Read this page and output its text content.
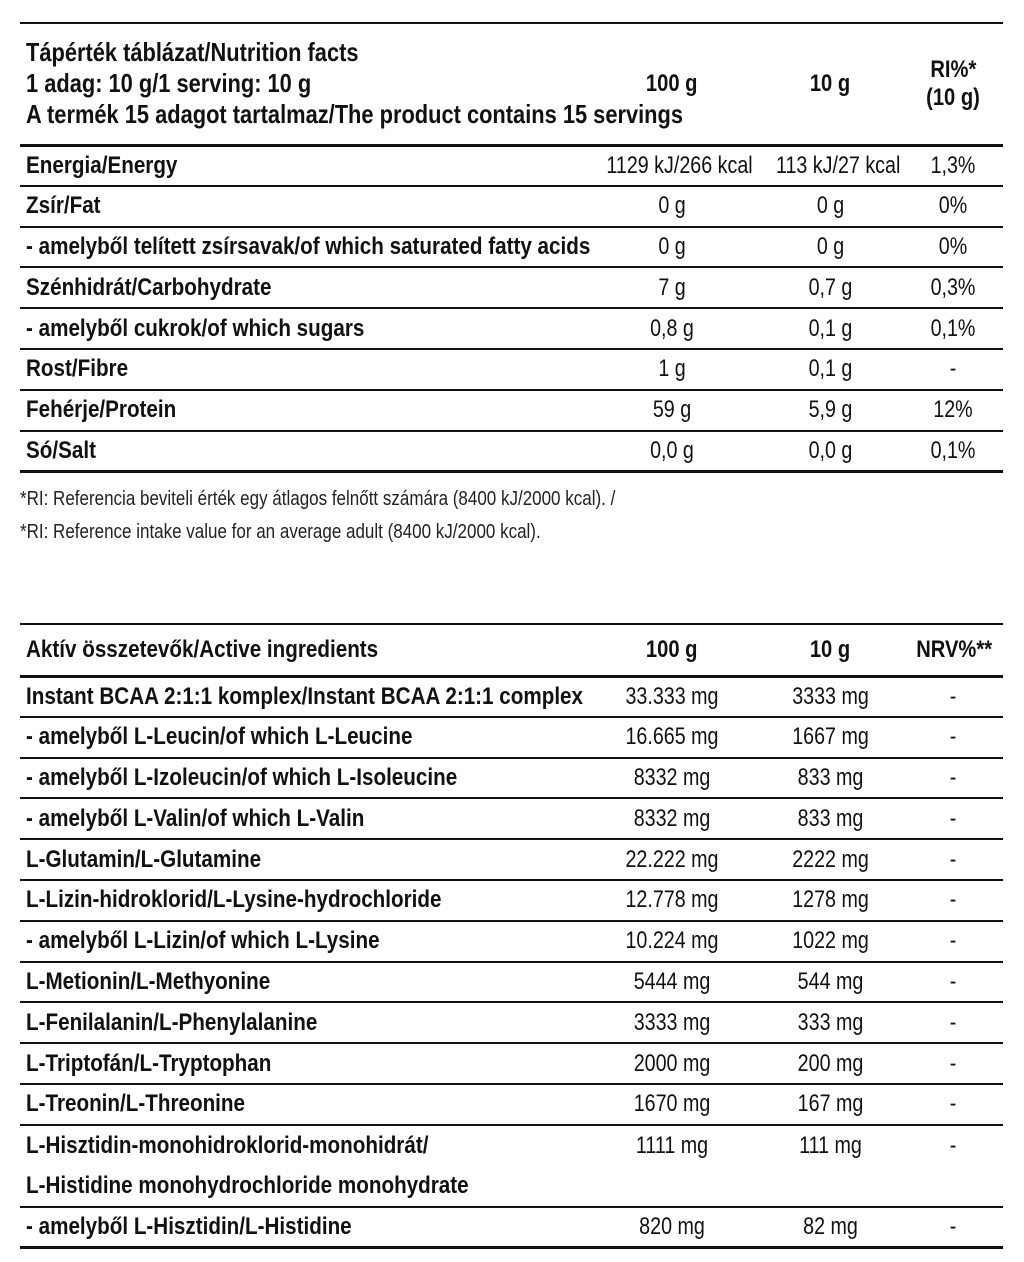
Tápérték táblázat/Nutrition facts
1 adag: 10 g/1 serving: 10 g
A termék 15 adagot tartalmaz/The product contains 15 servings	100 g	10 g	RI%*
(10 g)
Energia/Energy	1129 kJ/266 kcal	113 kJ/27 kcal	1,3%
Zsír/Fat	0 g	0 g	0%
- amelyből telített zsírsavak/of which saturated fatty acids	0 g	0 g	0%
Szénhidrát/Carbohydrate	7 g	0,7 g	0,3%
- amelyből cukrok/of which sugars	0,8 g	0,1 g	0,1%
Rost/Fibre	1 g	0,1 g	-
Fehérje/Protein	59 g	5,9 g	12%
Só/Salt	0,0 g	0,0 g	0,1%
*RI: Referencia beviteli érték egy átlagos felnőtt számára (8400 kJ/2000 kcal). /
*RI: Reference intake value for an average adult (8400 kJ/2000 kcal).
Aktív összetevők/Active ingredients	100 g	10 g	NRV%**
Instant BCAA 2:1:1 komplex/Instant BCAA 2:1:1 complex	33.333 mg	3333 mg	-
- amelyből L-Leucin/of which L-Leucine	16.665 mg	1667 mg	-
- amelyből L-Izoleucin/of which L-Isoleucine	8332 mg	833 mg	-
- amelyből L-Valin/of which L-Valin	8332 mg	833 mg	-
L-Glutamin/L-Glutamine	22.222 mg	2222 mg	-
L-Lizin-hidroklorid/L-Lysine-hydrochloride	12.778 mg	1278 mg	-
- amelyből L-Lizin/of which L-Lysine	10.224 mg	1022 mg	-
L-Metionin/L-Methyonine	5444 mg	544 mg	-
L-Fenilalanin/L-Phenylalanine	3333 mg	333 mg	-
L-Triptofán/L-Tryptophan	2000 mg	200 mg	-
L-Treonin/L-Threonine	1670 mg	167 mg	-

L-Hisztidin-monohidroklorid-monohidrát/
L-Histidine monohydrochloride monohydrate	1111 mg	111 mg	-
- amelyből L-Hisztidin/L-Histidine	820 mg	82 mg	-
